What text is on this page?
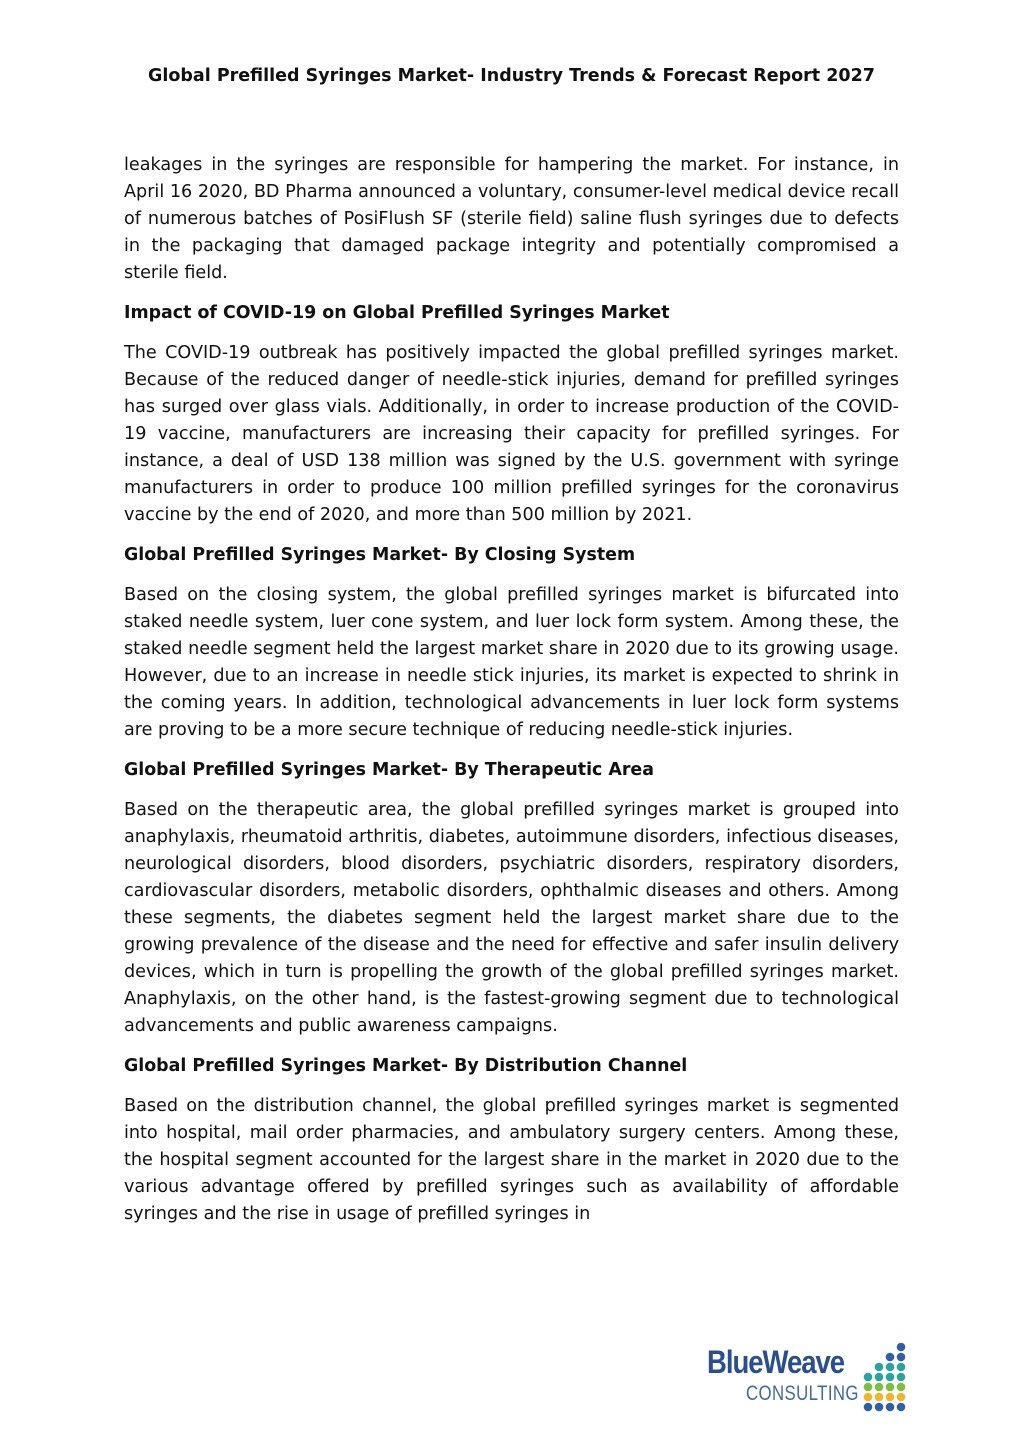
Global Prefilled Syringes Market- Industry Trends & Forecast Report 2027

leakages in the syringes are responsible for hampering the market. For instance, in April 16 2020, BD Pharma announced a voluntary, consumer-level medical device recall of numerous batches of PosiFlush SF (sterile field) saline flush syringes due to defects in the packaging that damaged package integrity and potentially compromised a sterile field.

Impact of COVID-19 on Global Prefilled Syringes Market

The COVID-19 outbreak has positively impacted the global prefilled syringes market. Because of the reduced danger of needle-stick injuries, demand for prefilled syringes has surged over glass vials. Additionally, in order to increase production of the COVID-19 vaccine, manufacturers are increasing their capacity for prefilled syringes. For instance, a deal of USD 138 million was signed by the U.S. government with syringe manufacturers in order to produce 100 million prefilled syringes for the coronavirus vaccine by the end of 2020, and more than 500 million by 2021.

Global Prefilled Syringes Market- By Closing System

Based on the closing system, the global prefilled syringes market is bifurcated into staked needle system, luer cone system, and luer lock form system. Among these, the staked needle segment held the largest market share in 2020 due to its growing usage. However, due to an increase in needle stick injuries, its market is expected to shrink in the coming years. In addition, technological advancements in luer lock form systems are proving to be a more secure technique of reducing needle-stick injuries.

Global Prefilled Syringes Market- By Therapeutic Area

Based on the therapeutic area, the global prefilled syringes market is grouped into anaphylaxis, rheumatoid arthritis, diabetes, autoimmune disorders, infectious diseases, neurological disorders, blood disorders, psychiatric disorders, respiratory disorders, cardiovascular disorders, metabolic disorders, ophthalmic diseases and others. Among these segments, the diabetes segment held the largest market share due to the growing prevalence of the disease and the need for effective and safer insulin delivery devices, which in turn is propelling the growth of the global prefilled syringes market. Anaphylaxis, on the other hand, is the fastest-growing segment due to technological advancements and public awareness campaigns.

Global Prefilled Syringes Market- By Distribution Channel

Based on the distribution channel, the global prefilled syringes market is segmented into hospital, mail order pharmacies, and ambulatory surgery centers. Among these, the hospital segment accounted for the largest share in the market in 2020 due to the various advantage offered by prefilled syringes such as availability of affordable syringes and the rise in usage of prefilled syringes in

BlueWeave
CONSULTING
